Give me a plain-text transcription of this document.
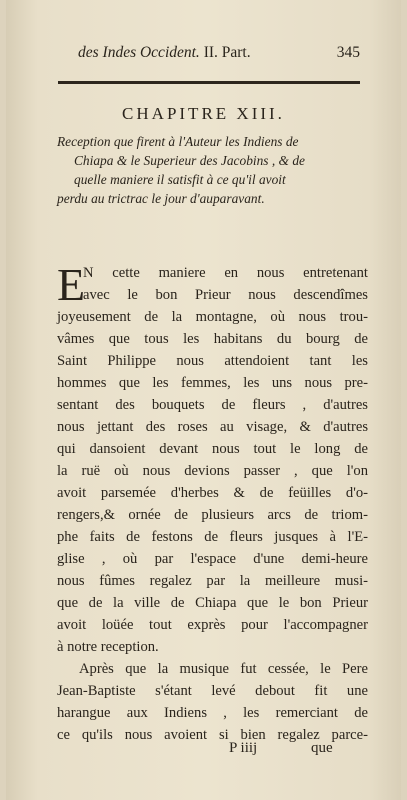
des Indes Occident. II. Part.	345
CHAPITRE XIII.
Reception que firent à l'Auteur les Indiens de
Chiapa & le Superieur des Jacobins , & de
quelle maniere il satisfit à ce qu'il avoit
perdu au trictrac le jour d'auparavant.
E
N cette maniere en nous entretenant
avec le bon Prieur nous descendîmes
joyeusement de la montagne, où nous trou-
vâmes que tous les habitans du bourg de
Saint Philippe nous attendoient tant les
hommes que les femmes, les uns nous pre-
sentant des bouquets de fleurs , d'autres
nous jettant des roses au visage, & d'autres
qui dansoient devant nous tout le long de
la ruë où nous devions passer , que l'on
avoit parsemée d'herbes & de feüilles d'o-
rengers,& ornée de plusieurs arcs de triom-
phe faits de festons de fleurs jusques à l'E-
glise , où par l'espace d'une demi-heure
nous fûmes regalez par la meilleure musi-
que de la ville de Chiapa que le bon Prieur
avoit loüée tout exprès pour l'accompagner
à notre reception.
Après que la musique fut cessée, le Pere
Jean-Baptiste s'étant levé debout fit une
harangue aux Indiens , les remerciant de
ce qu'ils nous avoient si bien regalez parce-
P iiij	que
